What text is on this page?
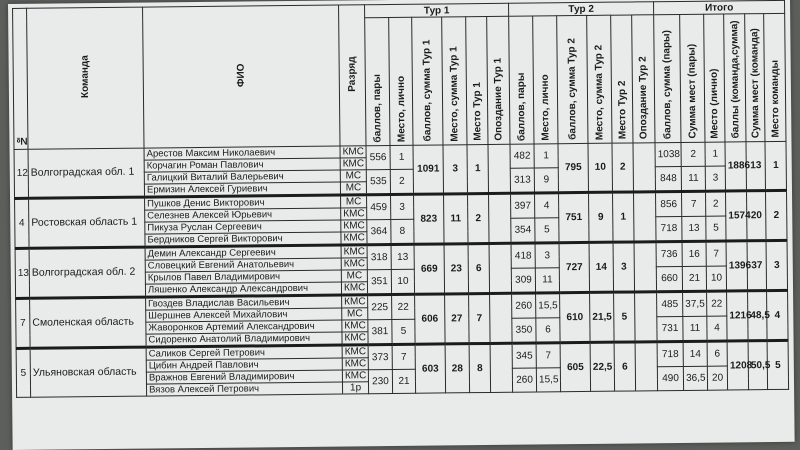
№	Команда	ФИО	Разряд	Тур 1						Тур 2						Итого					
				баллов, пары	Место, лично	баллов, сумма Тур 1	Место, сумма Тур 1	Место Тур 1	Опоздание Тур 1	баллов, пары	Место, лично	баллов, сумма Тур 2	Место, сумма Тур 2	Место Тур 2	Опоздание Тур 2	баллов, сумма (пары)	Сумма мест (пары)	Место (лично)	баллы (команда,сумма)	Сумма мест (команда)	Место команды
12	Волгоградская обл. 1	Арестов Максим Николаевич	КМС	556	1	1091	3	1		482	1	795	10	2		1038	2	1	1886	13	1
		Корчагин Роман Павлович	КМС																		
		Галицкий Виталий Валерьевич	МС	535	2					313	9					848	11	3			
		Ермизин Алексей Гуриевич	МС																		
4	Ростовская область 1	Пушков Денис Викторович	МС	459	3	823	11	2		397	4	751	9	1		856	7	2	1574	20	2
		Селезнев Алексей Юрьевич	КМС																		
		Пикуза Руслан Сергеевич	КМС	364	8					354	5					718	13	5			
		Бердников Сергей Викторович	КМС																		
13	Волгоградская обл. 2	Демин Александр Сергеевич	КМС	318	13	669	23	6		418	3	727	14	3		736	16	7	1396	37	3
		Словецкий Евгений Анатольевич	КМС																		
		Крылов Павел Владимирович	МС	351	10					309	11					660	21	10			
		Ляшенко Александр Александрович	КМС																		
7	Смоленская область	Гвоздев Владислав Васильевич	КМС	225	22	606	27	7		260	15,5	610	21,5	5		485	37,5	22	1216	48,5	4
		Шершнев Алексей Михайлович	МС																		
		Жаворонков Артемий Александрович	КМС	381	5					350	6					731	11	4			
		Сидоренко Анатолий Владимирович	КМС																		
5	Ульяновская область	Саликов Сергей Петрович	КМС	373	7	603	28	8		345	7	605	22,5	6		718	14	6	1208	50,5	5
		Цибин Андрей Павлович	КМС																		
		Вражнов Евгений Владимирович	КМС	230	21					260	15,5					490	36,5	20			
		Вязов Алексей Петрович	1р																		
